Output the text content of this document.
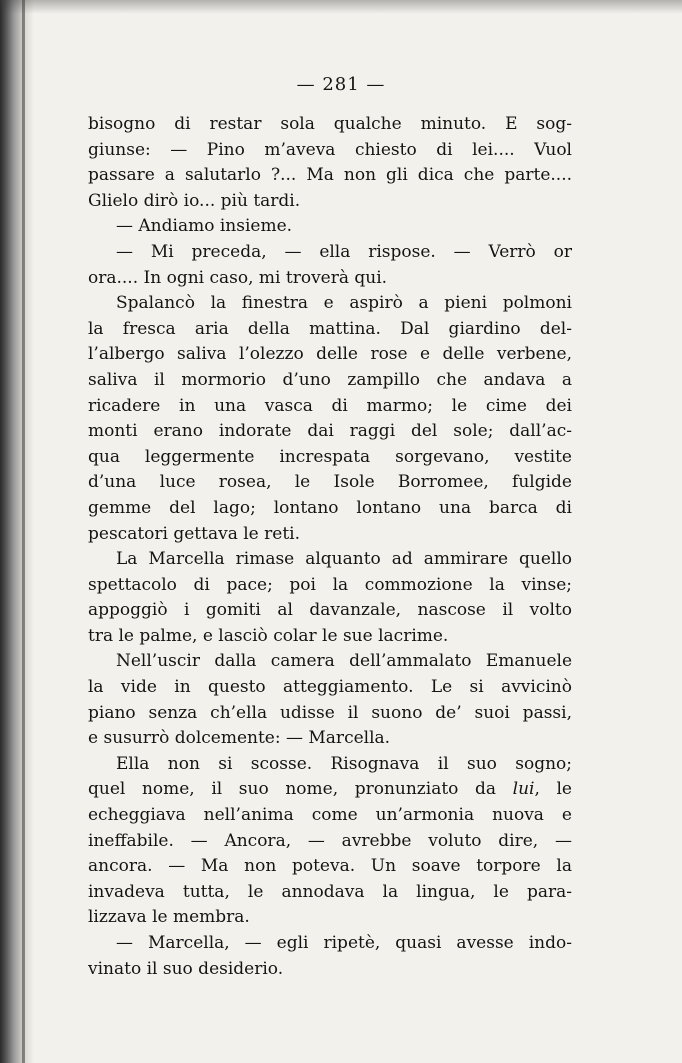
— 281 —
bisogno di restar sola qualche minuto. E sog-
giunse: — Pino m’aveva chiesto di lei.... Vuol
passare a salutarlo ?... Ma non gli dica che parte....
Glielo dirò io... più tardi.
— Andiamo insieme.
— Mi preceda, — ella rispose. — Verrò or
ora.... In ogni caso, mi troverà qui.
Spalancò la finestra e aspirò a pieni polmoni
la fresca aria della mattina. Dal giardino del-
l’albergo saliva l’olezzo delle rose e delle verbene,
saliva il mormorio d’uno zampillo che andava a
ricadere in una vasca di marmo; le cime dei
monti erano indorate dai raggi del sole; dall’ac-
qua leggermente increspata sorgevano, vestite
d’una luce rosea, le Isole Borromee, fulgide
gemme del lago; lontano lontano una barca di
pescatori gettava le reti.
La Marcella rimase alquanto ad ammirare quello
spettacolo di pace; poi la commozione la vinse;
appoggiò i gomiti al davanzale, nascose il volto
tra le palme, e lasciò colar le sue lacrime.
Nell’uscir dalla camera dell’ammalato Emanuele
la vide in questo atteggiamento. Le si avvicinò
piano senza ch’ella udisse il suono de’ suoi passi,
e susurrò dolcemente: — Marcella.
Ella non si scosse. Risognava il suo sogno;
quel nome, il suo nome, pronunziato da lui, le
echeggiava nell’anima come un’armonia nuova e
ineffabile. — Ancora, — avrebbe voluto dire, —
ancora. — Ma non poteva. Un soave torpore la
invadeva tutta, le annodava la lingua, le para-
lizzava le membra.
— Marcella, — egli ripetè, quasi avesse indo-
vinato il suo desiderio.
